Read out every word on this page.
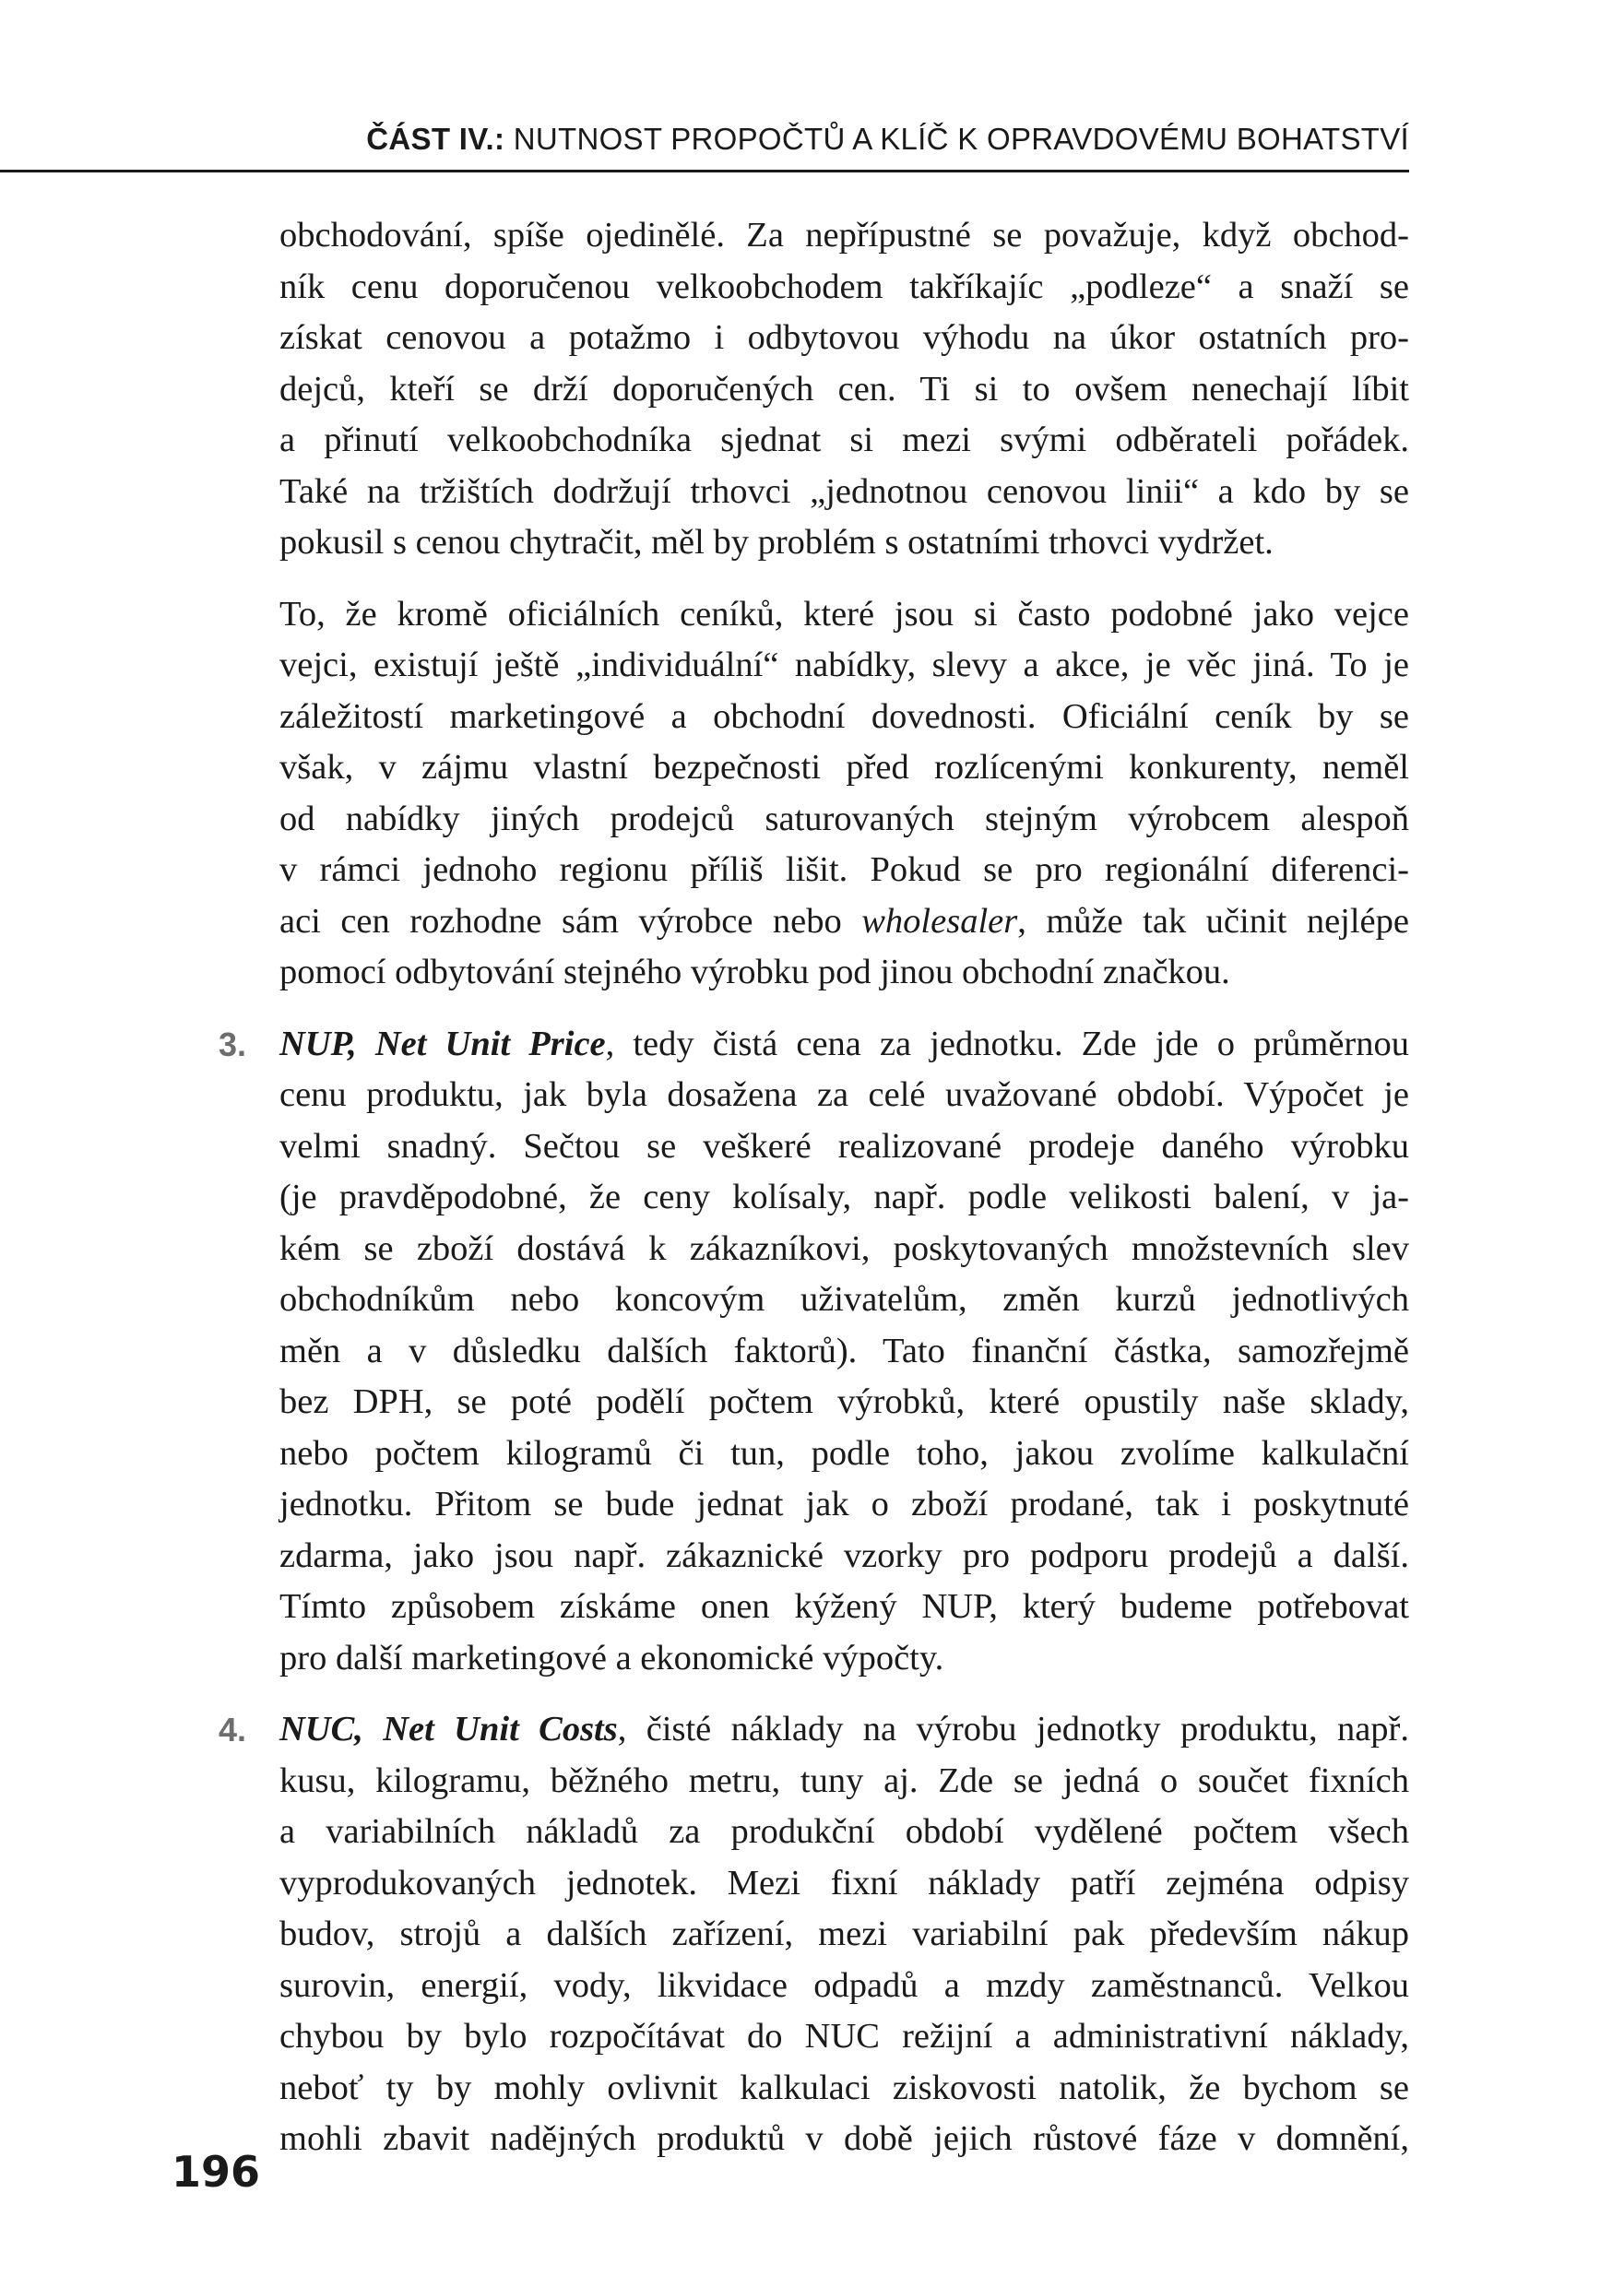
ČÁST IV.: NUTNOST PROPOČTŮ A KLÍČ K OPRAVDOVÉMU BOHATSTVÍ
obchodování, spíše ojedinělé. Za nepřípustné se považuje, když obchod-
ník cenu doporučenou velkoobchodem takříkajíc „podleze“ a snaží se
získat cenovou a potažmo i odbytovou výhodu na úkor ostatních pro-
dejců, kteří se drží doporučených cen. Ti si to ovšem nenechají líbit
a přinutí velkoobchodníka sjednat si mezi svými odběrateli pořádek.
Také na tržištích dodržují trhovci „jednotnou cenovou linii“ a kdo by se
pokusil s cenou chytračit, měl by problém s ostatními trhovci vydržet.
To, že kromě oficiálních ceníků, které jsou si často podobné jako vejce
vejci, existují ještě „individuální“ nabídky, slevy a akce, je věc jiná. To je
záležitostí marketingové a obchodní dovednosti. Oficiální ceník by se
však, v zájmu vlastní bezpečnosti před rozlícenými konkurenty, neměl
od nabídky jiných prodejců saturovaných stejným výrobcem alespoň
v rámci jednoho regionu příliš lišit. Pokud se pro regionální diferenci-
aci cen rozhodne sám výrobce nebo wholesaler, může tak učinit nejlépe
pomocí odbytování stejného výrobku pod jinou obchodní značkou.
3. NUP, Net Unit Price, tedy čistá cena za jednotku. Zde jde o průměrnou
cenu produktu, jak byla dosažena za celé uvažované období. Výpočet je
velmi snadný. Sečtou se veškeré realizované prodeje daného výrobku
(je pravděpodobné, že ceny kolísaly, např. podle velikosti balení, v ja-
kém se zboží dostává k zákazníkovi, poskytovaných množstevních slev
obchodníkům nebo koncovým uživatelům, změn kurzů jednotlivých
měn a v důsledku dalších faktorů). Tato finanční částka, samozřejmě
bez DPH, se poté podělí počtem výrobků, které opustily naše sklady,
nebo počtem kilogramů či tun, podle toho, jakou zvolíme kalkulační
jednotku. Přitom se bude jednat jak o zboží prodané, tak i poskytnuté
zdarma, jako jsou např. zákaznické vzorky pro podporu prodejů a další.
Tímto způsobem získáme onen kýžený NUP, který budeme potřebovat
pro další marketingové a ekonomické výpočty.
4. NUC, Net Unit Costs, čisté náklady na výrobu jednotky produktu, např.
kusu, kilogramu, běžného metru, tuny aj. Zde se jedná o součet fixních
a variabilních nákladů za produkční období vydělené počtem všech
vyprodukovaných jednotek. Mezi fixní náklady patří zejména odpisy
budov, strojů a dalších zařízení, mezi variabilní pak především nákup
surovin, energií, vody, likvidace odpadů a mzdy zaměstnanců. Velkou
chybou by bylo rozpočítávat do NUC režijní a administrativní náklady,
neboť ty by mohly ovlivnit kalkulaci ziskovosti natolik, že bychom se
mohli zbavit nadějných produktů v době jejich růstové fáze v domnění,
196
